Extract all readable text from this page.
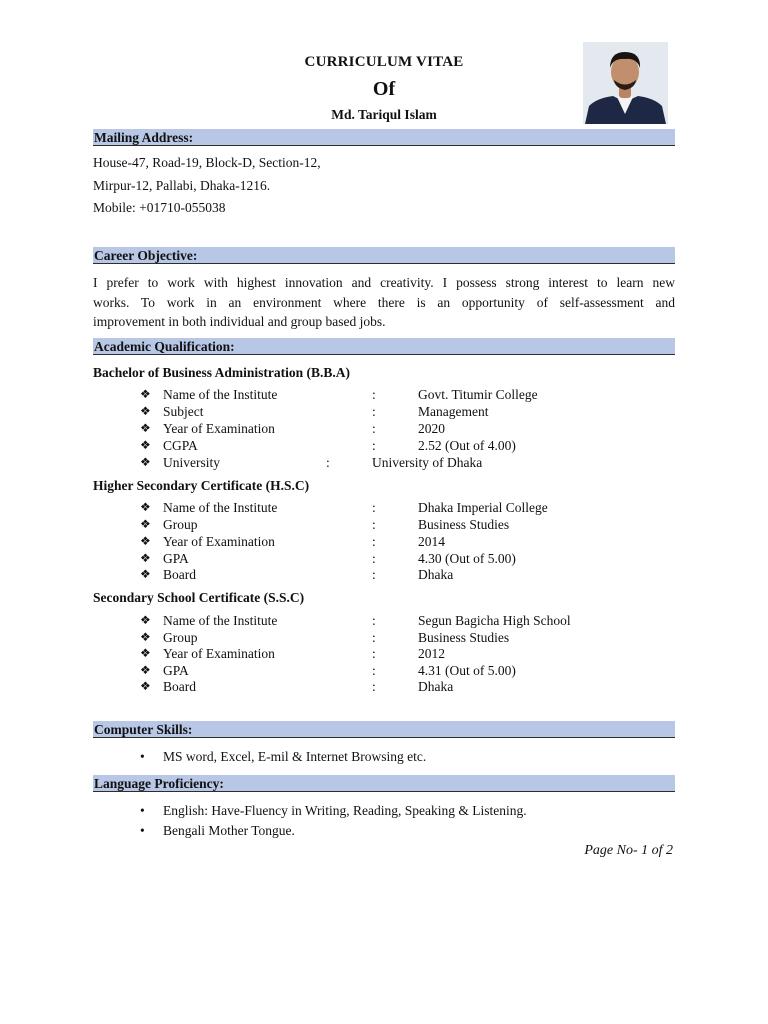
CURRICULUM VITAE
Of
Md. Tariqul Islam
Mailing Address:
House-47, Road-19, Block-D, Section-12,
Mirpur-12, Pallabi, Dhaka-1216.
Mobile: +01710-055038
Career Objective:
I prefer to work with highest innovation and creativity. I possess strong interest to learn new
works. To work in an environment where there is an opportunity of self-assessment and
improvement in both individual and group based jobs.
Academic Qualification:
Bachelor of Business Administration (B.B.A)
❖ Name of the Institute	:	Govt. Titumir College
❖ Subject	:	Management
❖ Year of Examination	:	2020
❖ CGPA	:	2.52 (Out of 4.00)
❖ University	:	University of Dhaka
Higher Secondary Certificate (H.S.C)
❖ Name of the Institute	:	Dhaka Imperial College
❖ Group	:	Business Studies
❖ Year of Examination	:	2014
❖ GPA	:	4.30 (Out of 5.00)
❖ Board	:	Dhaka
Secondary School Certificate (S.S.C)
❖ Name of the Institute	:	Segun Bagicha High School
❖ Group	:	Business Studies
❖ Year of Examination	:	2012
❖ GPA	:	4.31 (Out of 5.00)
❖ Board	:	Dhaka
Computer Skills:
• MS word, Excel, E-mil & Internet Browsing etc.
Language Proficiency:
• English: Have-Fluency in Writing, Reading, Speaking & Listening.
• Bengali Mother Tongue.
Page No- 1 of 2
